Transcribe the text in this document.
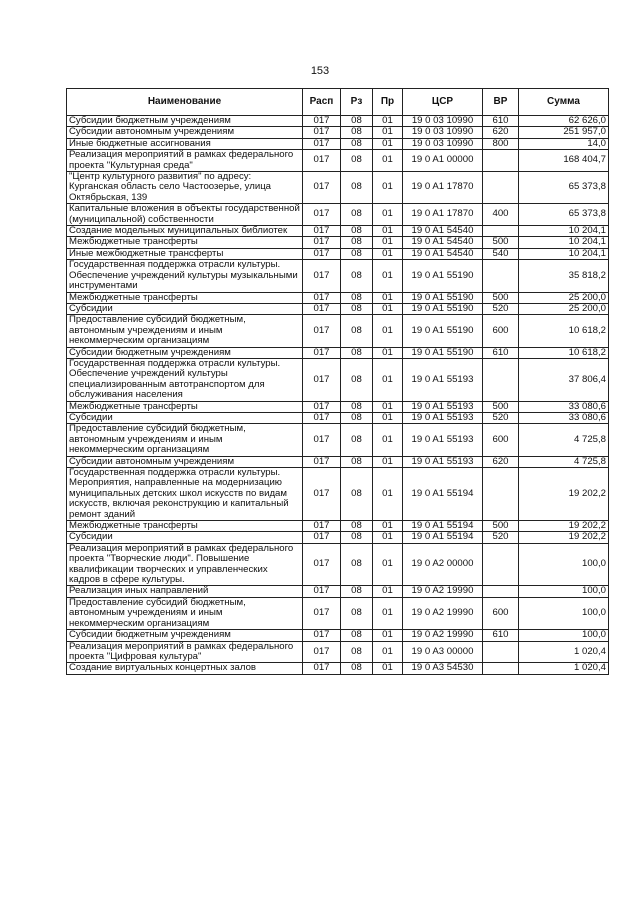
153
Наименование	Расп	Рз	Пр	ЦСР	ВР	Сумма
Субсидии бюджетным учреждениям	017	08	01	19 0 03 10990	610	62 626,0
Субсидии автономным учреждениям	017	08	01	19 0 03 10990	620	251 957,0
Иные бюджетные ассигнования	017	08	01	19 0 03 10990	800	14,0
Реализация мероприятий в рамках федерального проекта "Культурная среда"	017	08	01	19 0 A1 00000		168 404,7
"Центр культурного развития" по адресу: Курганская область село Частоозерье, улица Октябрьская, 139	017	08	01	19 0 A1 17870		65 373,8
Капитальные вложения в объекты государственной (муниципальной) собственности	017	08	01	19 0 A1 17870	400	65 373,8
Создание модельных муниципальных библиотек	017	08	01	19 0 A1 54540		10 204,1
Межбюджетные трансферты	017	08	01	19 0 A1 54540	500	10 204,1
Иные межбюджетные трансферты	017	08	01	19 0 A1 54540	540	10 204,1
Государственная поддержка отрасли культуры. Обеспечение учреждений культуры музыкальными инструментами	017	08	01	19 0 A1 55190		35 818,2
Межбюджетные трансферты	017	08	01	19 0 A1 55190	500	25 200,0
Субсидии	017	08	01	19 0 A1 55190	520	25 200,0
Предоставление субсидий бюджетным, автономным учреждениям и иным некоммерческим организациям	017	08	01	19 0 A1 55190	600	10 618,2
Субсидии бюджетным учреждениям	017	08	01	19 0 A1 55190	610	10 618,2
Государственная поддержка отрасли культуры. Обеспечение учреждений культуры специализированным автотранспортом для обслуживания населения	017	08	01	19 0 A1 55193		37 806,4
Межбюджетные трансферты	017	08	01	19 0 A1 55193	500	33 080,6
Субсидии	017	08	01	19 0 A1 55193	520	33 080,6
Предоставление субсидий бюджетным, автономным учреждениям и иным некоммерческим организациям	017	08	01	19 0 A1 55193	600	4 725,8
Субсидии автономным учреждениям	017	08	01	19 0 A1 55193	620	4 725,8
Государственная поддержка отрасли культуры. Мероприятия, направленные на модернизацию муниципальных детских школ искусств по видам искусств, включая реконструкцию и капитальный ремонт зданий	017	08	01	19 0 A1 55194		19 202,2
Межбюджетные трансферты	017	08	01	19 0 A1 55194	500	19 202,2
Субсидии	017	08	01	19 0 A1 55194	520	19 202,2
Реализация мероприятий в рамках федерального проекта "Творческие люди". Повышение квалификации творческих и управленческих кадров в сфере культуры.	017	08	01	19 0 A2 00000		100,0
Реализация иных направлений	017	08	01	19 0 A2 19990		100,0
Предоставление субсидий бюджетным, автономным учреждениям и иным некоммерческим организациям	017	08	01	19 0 A2 19990	600	100,0
Субсидии бюджетным учреждениям	017	08	01	19 0 A2 19990	610	100,0
Реализация мероприятий в рамках федерального проекта "Цифровая культура"	017	08	01	19 0 A3 00000		1 020,4
Создание виртуальных концертных залов	017	08	01	19 0 A3 54530		1 020,4
